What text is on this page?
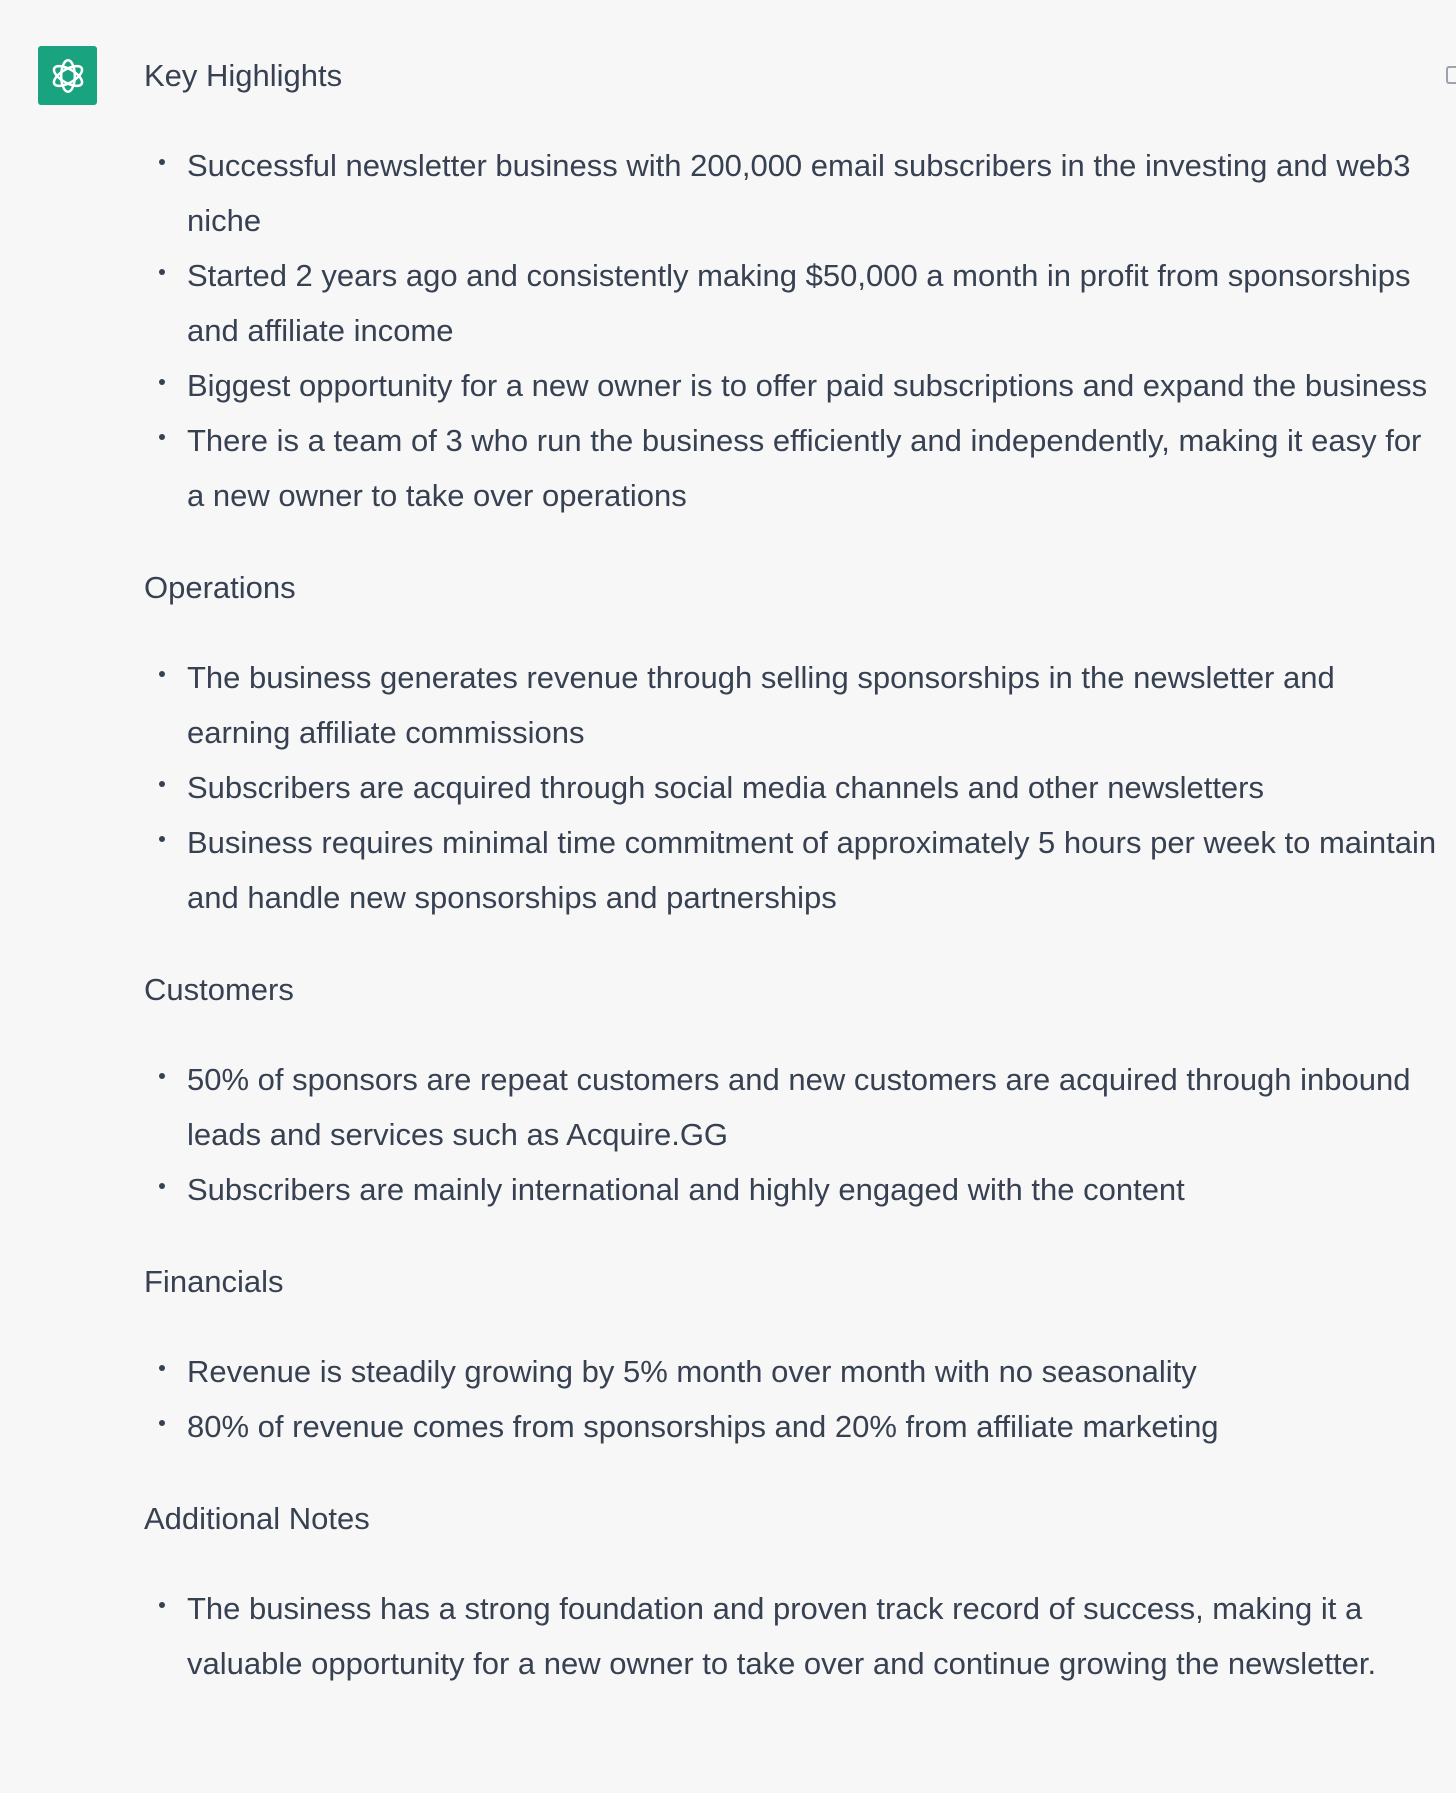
Key Highlights
Successful newsletter business with 200,000 email subscribers in the investing and web3 niche
Started 2 years ago and consistently making $50,000 a month in profit from sponsorships and affiliate income
Biggest opportunity for a new owner is to offer paid subscriptions and expand the business
There is a team of 3 who run the business efficiently and independently, making it easy for a new owner to take over operations
Operations
The business generates revenue through selling sponsorships in the newsletter and earning affiliate commissions
Subscribers are acquired through social media channels and other newsletters
Business requires minimal time commitment of approximately 5 hours per week to maintain and handle new sponsorships and partnerships
Customers
50% of sponsors are repeat customers and new customers are acquired through inbound leads and services such as Acquire.GG
Subscribers are mainly international and highly engaged with the content
Financials
Revenue is steadily growing by 5% month over month with no seasonality
80% of revenue comes from sponsorships and 20% from affiliate marketing
Additional Notes
The business has a strong foundation and proven track record of success, making it a valuable opportunity for a new owner to take over and continue growing the newsletter.
